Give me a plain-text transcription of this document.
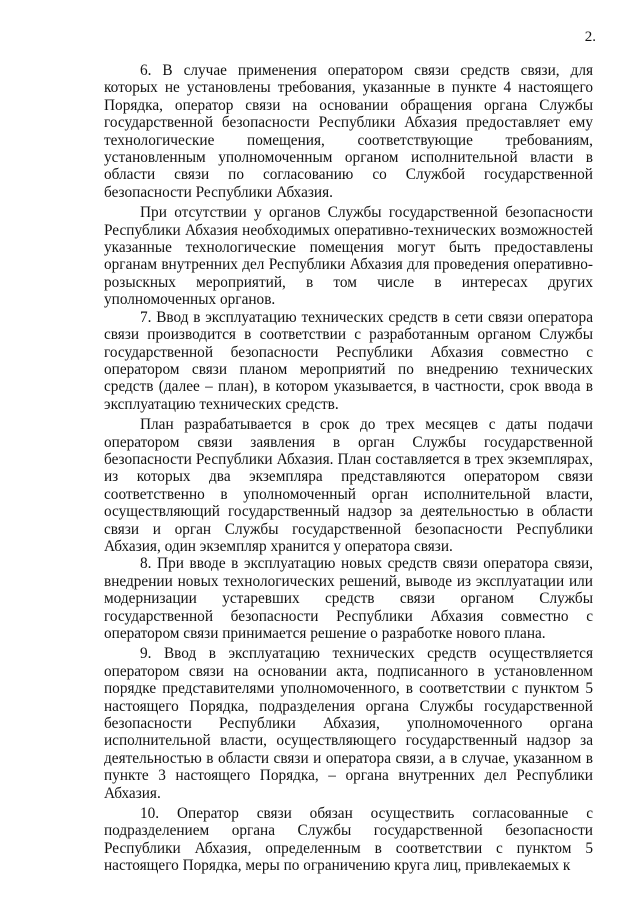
2.

6. В случае применения оператором связи средств связи, для которых не установлены требования, указанные в пункте 4 настоящего Порядка, оператор связи на основании обращения органа Службы государственной безопасности Республики Абхазия предоставляет ему технологические помещения, соответствующие требованиям, установленным уполномоченным органом исполнительной власти в области связи по согласованию со Службой государственной безопасности Республики Абхазия.

При отсутствии у органов Службы государственной безопасности Республики Абхазия необходимых оперативно-технических возможностей указанные технологические помещения могут быть предоставлены органам внутренних дел Республики Абхазия для проведения оперативно-розыскных мероприятий, в том числе в интересах других уполномоченных органов.

7. Ввод в эксплуатацию технических средств в сети связи оператора связи производится в соответствии с разработанным органом Службы государственной безопасности Республики Абхазия совместно с оператором связи планом мероприятий по внедрению технических средств (далее – план), в котором указывается, в частности, срок ввода в эксплуатацию технических средств.

План разрабатывается в срок до трех месяцев с даты подачи оператором связи заявления в орган Службы государственной безопасности Республики Абхазия. План составляется в трех экземплярах, из которых два экземпляра представляются оператором связи соответственно в уполномоченный орган исполнительной власти, осуществляющий государственный надзор за деятельностью в области связи и орган Службы государственной безопасности Республики Абхазия, один экземпляр хранится у оператора связи.

8. При вводе в эксплуатацию новых средств связи оператора связи, внедрении новых технологических решений, выводе из эксплуатации или модернизации устаревших средств связи органом Службы государственной безопасности Республики Абхазия совместно с оператором связи принимается решение о разработке нового плана.

9. Ввод в эксплуатацию технических средств осуществляется оператором связи на основании акта, подписанного в установленном порядке представителями уполномоченного, в соответствии с пунктом 5 настоящего Порядка, подразделения органа Службы государственной безопасности Республики Абхазия, уполномоченного органа исполнительной власти, осуществляющего государственный надзор за деятельностью в области связи и оператора связи, а в случае, указанном в пункте 3 настоящего Порядка, – органа внутренних дел Республики Абхазия.

10. Оператор связи обязан осуществить согласованные с подразделением органа Службы государственной безопасности Республики Абхазия, определенным в соответствии с пунктом 5 настоящего Порядка, меры по ограничению круга лиц, привлекаемых к
